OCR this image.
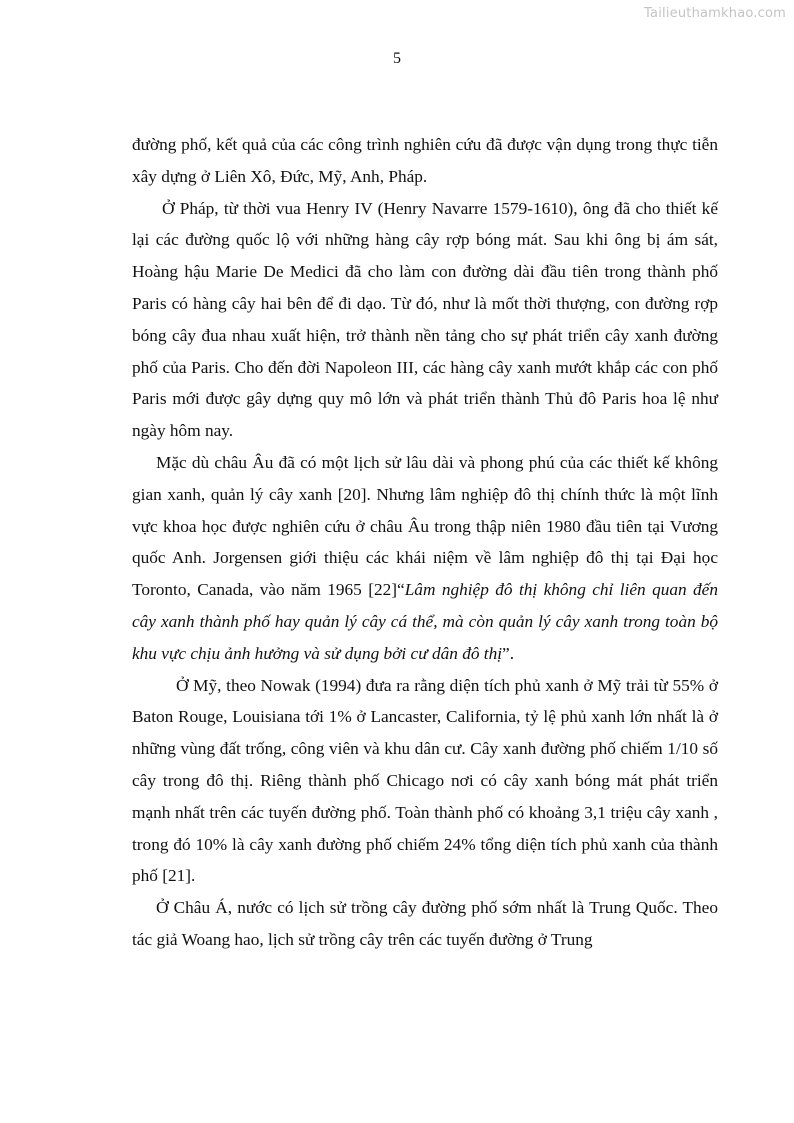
Tailieuthamkhao.com
5

đường phố, kết quả của các công trình nghiên cứu đã được vận dụng trong thực tiễn xây dựng ở Liên Xô, Đức, Mỹ, Anh, Pháp.

Ở Pháp, từ thời vua Henry IV (Henry Navarre 1579-1610), ông đã cho thiết kế lại các đường quốc lộ với những hàng cây rợp bóng mát. Sau khi ông bị ám sát, Hoàng hậu Marie De Medici đã cho làm con đường dài đầu tiên trong thành phố Paris có hàng cây hai bên để đi dạo. Từ đó, như là mốt thời thượng, con đường rợp bóng cây đua nhau xuất hiện, trở thành nền tảng cho sự phát triển cây xanh đường phố của Paris. Cho đến đời Napoleon III, các hàng cây xanh mướt khắp các con phố Paris mới được gây dựng quy mô lớn và phát triển thành Thủ đô Paris hoa lệ như ngày hôm nay.

Mặc dù châu Âu đã có một lịch sử lâu dài và phong phú của các thiết kế không gian xanh, quản lý cây xanh [20]. Nhưng lâm nghiệp đô thị chính thức là một lĩnh vực khoa học được nghiên cứu ở châu Âu trong thập niên 1980 đầu tiên tại Vương quốc Anh. Jorgensen giới thiệu các khái niệm về lâm nghiệp đô thị tại Đại học Toronto, Canada, vào năm 1965 [22]“Lâm nghiệp đô thị không chỉ liên quan đến cây xanh thành phố hay quản lý cây cá thể, mà còn quản lý cây xanh trong toàn bộ khu vực chịu ảnh hưởng và sử dụng bởi cư dân đô thị”.

Ở Mỹ, theo Nowak (1994) đưa ra rằng diện tích phủ xanh ở Mỹ trải từ 55% ở Baton Rouge, Louisiana tới 1% ở Lancaster, California, tỷ lệ phủ xanh lớn nhất là ở những vùng đất trống, công viên và khu dân cư. Cây xanh đường phố chiếm 1/10 số cây trong đô thị. Riêng thành phố Chicago nơi có cây xanh bóng mát phát triển mạnh nhất trên các tuyến đường phố. Toàn thành phố có khoảng 3,1 triệu cây xanh , trong đó 10% là cây xanh đường phố chiếm 24% tổng diện tích phủ xanh của thành phố [21].

Ở Châu Á, nước có lịch sử trồng cây đường phố sớm nhất là Trung Quốc. Theo tác giả Woang hao, lịch sử trồng cây trên các tuyến đường ở Trung
